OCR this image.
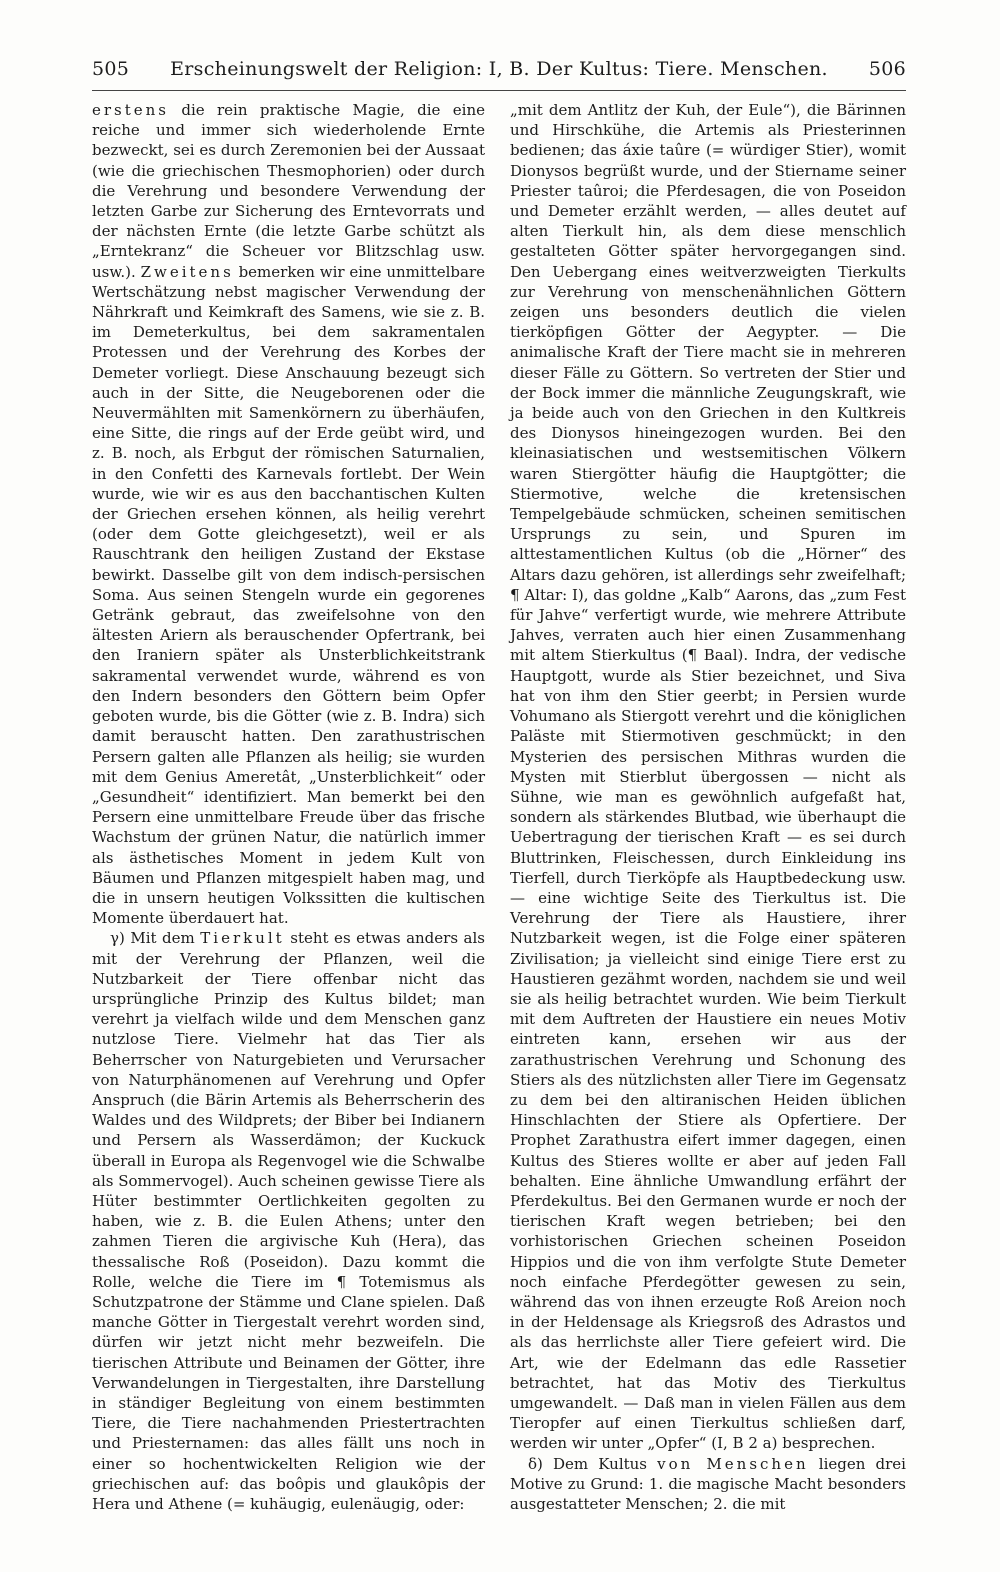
505	Erscheinungswelt der Religion: I, B. Der Kultus: Tiere. Menschen.	506

erstens die rein praktische Magie, die eine reiche und immer sich wiederholende Ernte bezweckt, sei es durch Zeremonien bei der Aussaat (wie die griechischen Thesmophorien) oder durch die Verehrung und besondere Verwendung der letzten Garbe zur Sicherung des Erntevorrats und der nächsten Ernte (die letzte Garbe schützt als „Erntekranz“ die Scheuer vor Blitzschlag usw. usw.). Zweitens bemerken wir eine unmittelbare Wertschätzung nebst magischer Verwendung der Nährkraft und Keimkraft des Samens, wie sie z. B. im Demeterkultus, bei dem sakramentalen Protessen und der Verehrung des Korbes der Demeter vorliegt. Diese Anschauung bezeugt sich auch in der Sitte, die Neugeborenen oder die Neuvermählten mit Samenkörnern zu überhäufen, eine Sitte, die rings auf der Erde geübt wird, und z. B. noch, als Erbgut der römischen Saturnalien, in den Confetti des Karnevals fortlebt. Der Wein wurde, wie wir es aus den bacchantischen Kulten der Griechen ersehen können, als heilig verehrt (oder dem Gotte gleichgesetzt), weil er als Rauschtrank den heiligen Zustand der Ekstase bewirkt. Dasselbe gilt von dem indisch-persischen Soma. Aus seinen Stengeln wurde ein gegorenes Getränk gebraut, das zweifelsohne von den ältesten Ariern als berauschender Opfertrank, bei den Iraniern später als Unsterblichkeitstrank sakramental verwendet wurde, während es von den Indern besonders den Göttern beim Opfer geboten wurde, bis die Götter (wie z. B. Indra) sich damit berauscht hatten. Den zarathustrischen Persern galten alle Pflanzen als heilig; sie wurden mit dem Genius Ameretât, „Unsterblichkeit“ oder „Gesundheit“ identifiziert. Man bemerkt bei den Persern eine unmittelbare Freude über das frische Wachstum der grünen Natur, die natürlich immer als ästhetisches Moment in jedem Kult von Bäumen und Pflanzen mitgespielt haben mag, und die in unsern heutigen Volkssitten die kultischen Momente überdauert hat.

γ) Mit dem Tierkult steht es etwas anders als mit der Verehrung der Pflanzen, weil die Nutzbarkeit der Tiere offenbar nicht das ursprüngliche Prinzip des Kultus bildet; man verehrt ja vielfach wilde und dem Menschen ganz nutzlose Tiere. Vielmehr hat das Tier als Beherrscher von Naturgebieten und Verursacher von Naturphänomenen auf Verehrung und Opfer Anspruch (die Bärin Artemis als Beherrscherin des Waldes und des Wildprets; der Biber bei Indianern und Persern als Wasserdämon; der Kuckuck überall in Europa als Regenvogel wie die Schwalbe als Sommervogel). Auch scheinen gewisse Tiere als Hüter bestimmter Oertlichkeiten gegolten zu haben, wie z. B. die Eulen Athens; unter den zahmen Tieren die argivische Kuh (Hera), das thessalische Roß (Poseidon). Dazu kommt die Rolle, welche die Tiere im ¶ Totemismus als Schutzpatrone der Stämme und Clane spielen. Daß manche Götter in Tiergestalt verehrt worden sind, dürfen wir jetzt nicht mehr bezweifeln. Die tierischen Attribute und Beinamen der Götter, ihre Verwandelungen in Tiergestalten, ihre Darstellung in ständiger Begleitung von einem bestimmten Tiere, die Tiere nachahmenden Priestertrachten und Priesternamen: das alles fällt uns noch in einer so hochentwickelten Religion wie der griechischen auf: das boôpis und glaukôpis der Hera und Athene (= kuhäugig, eulenäugig, oder:

„mit dem Antlitz der Kuh, der Eule“), die Bärinnen und Hirschkühe, die Artemis als Priesterinnen bedienen; das áxie taûre (= würdiger Stier), womit Dionysos begrüßt wurde, und der Stiername seiner Priester taûroi; die Pferdesagen, die von Poseidon und Demeter erzählt werden, — alles deutet auf alten Tierkult hin, als dem diese menschlich gestalteten Götter später hervorgegangen sind. Den Uebergang eines weitverzweigten Tierkults zur Verehrung von menschenähnlichen Göttern zeigen uns besonders deutlich die vielen tierköpfigen Götter der Aegypter. — Die animalische Kraft der Tiere macht sie in mehreren dieser Fälle zu Göttern. So vertreten der Stier und der Bock immer die männliche Zeugungskraft, wie ja beide auch von den Griechen in den Kultkreis des Dionysos hineingezogen wurden. Bei den kleinasiatischen und westsemitischen Völkern waren Stiergötter häufig die Hauptgötter; die Stiermotive, welche die kretensischen Tempelgebäude schmücken, scheinen semitischen Ursprungs zu sein, und Spuren im alttestamentlichen Kultus (ob die „Hörner“ des Altars dazu gehören, ist allerdings sehr zweifelhaft; ¶ Altar: I), das goldne „Kalb“ Aarons, das „zum Fest für Jahve“ verfertigt wurde, wie mehrere Attribute Jahves, verraten auch hier einen Zusammenhang mit altem Stierkultus (¶ Baal). Indra, der vedische Hauptgott, wurde als Stier bezeichnet, und Siva hat von ihm den Stier geerbt; in Persien wurde Vohumano als Stiergott verehrt und die königlichen Paläste mit Stiermotiven geschmückt; in den Mysterien des persischen Mithras wurden die Mysten mit Stierblut übergossen — nicht als Sühne, wie man es gewöhnlich aufgefaßt hat, sondern als stärkendes Blutbad, wie überhaupt die Uebertragung der tierischen Kraft — es sei durch Bluttrinken, Fleischessen, durch Einkleidung ins Tierfell, durch Tierköpfe als Hauptbedeckung usw. — eine wichtige Seite des Tierkultus ist. Die Verehrung der Tiere als Haustiere, ihrer Nutzbarkeit wegen, ist die Folge einer späteren Zivilisation; ja vielleicht sind einige Tiere erst zu Haustieren gezähmt worden, nachdem sie und weil sie als heilig betrachtet wurden. Wie beim Tierkult mit dem Auftreten der Haustiere ein neues Motiv eintreten kann, ersehen wir aus der zarathustrischen Verehrung und Schonung des Stiers als des nützlichsten aller Tiere im Gegensatz zu dem bei den altiranischen Heiden üblichen Hinschlachten der Stiere als Opfertiere. Der Prophet Zarathustra eifert immer dagegen, einen Kultus des Stieres wollte er aber auf jeden Fall behalten. Eine ähnliche Umwandlung erfährt der Pferdekultus. Bei den Germanen wurde er noch der tierischen Kraft wegen betrieben; bei den vorhistorischen Griechen scheinen Poseidon Hippios und die von ihm verfolgte Stute Demeter noch einfache Pferdegötter gewesen zu sein, während das von ihnen erzeugte Roß Areion noch in der Heldensage als Kriegsroß des Adrastos und als das herrlichste aller Tiere gefeiert wird. Die Art, wie der Edelmann das edle Rassetier betrachtet, hat das Motiv des Tierkultus umgewandelt. — Daß man in vielen Fällen aus dem Tieropfer auf einen Tierkultus schließen darf, werden wir unter „Opfer“ (I, B 2 a) besprechen.

δ) Dem Kultus von Menschen liegen drei Motive zu Grund: 1. die magische Macht besonders ausgestatteter Menschen; 2. die mit
